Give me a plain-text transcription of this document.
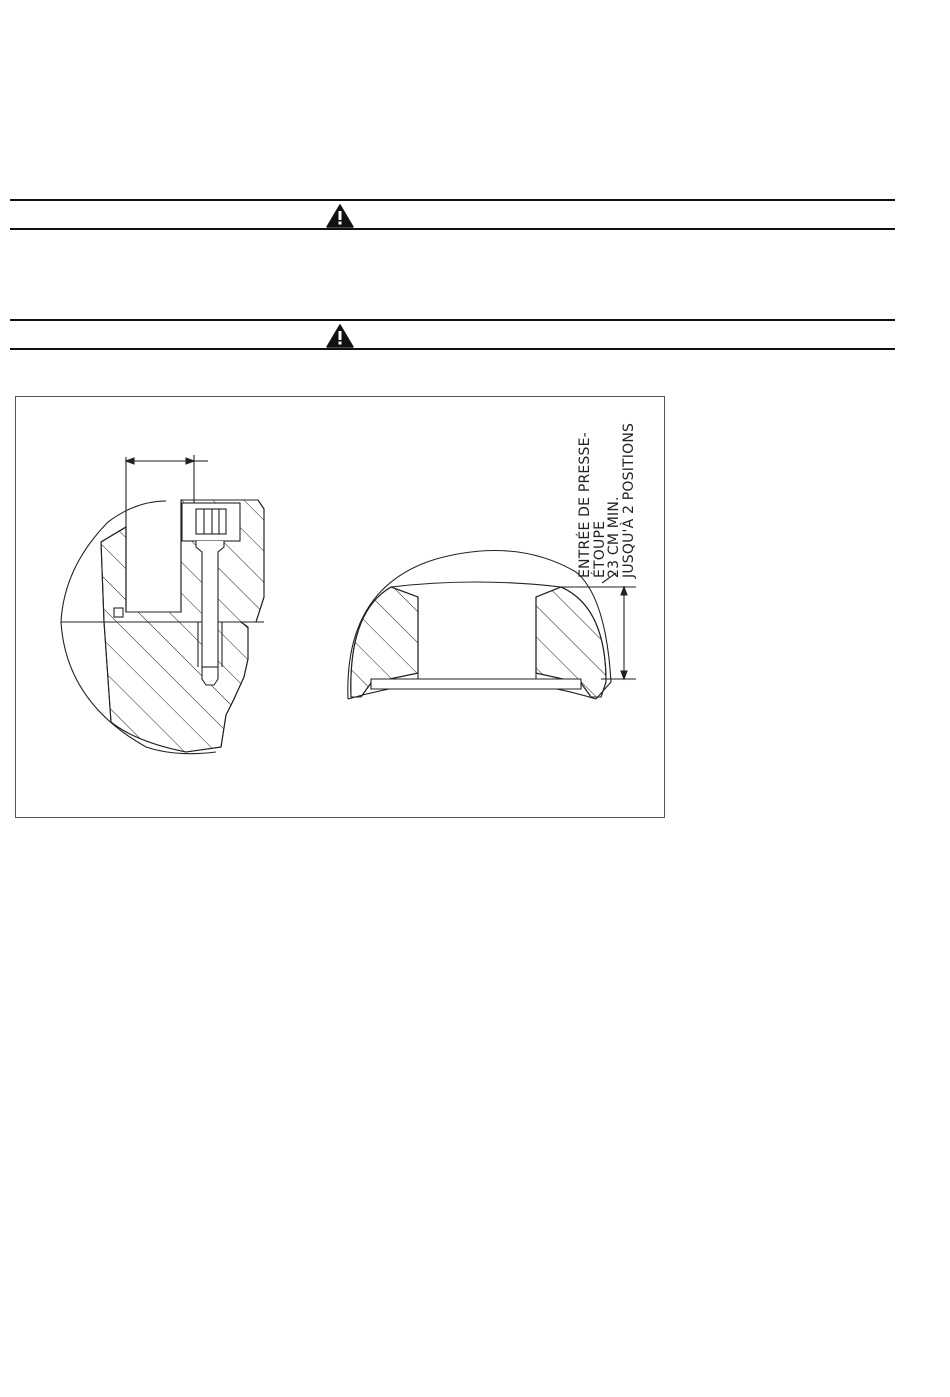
ENTRÉE DE PRESSE-
ÉTOUPE
23 CM MIN.
JUSQU'À 2 POSITIONS
